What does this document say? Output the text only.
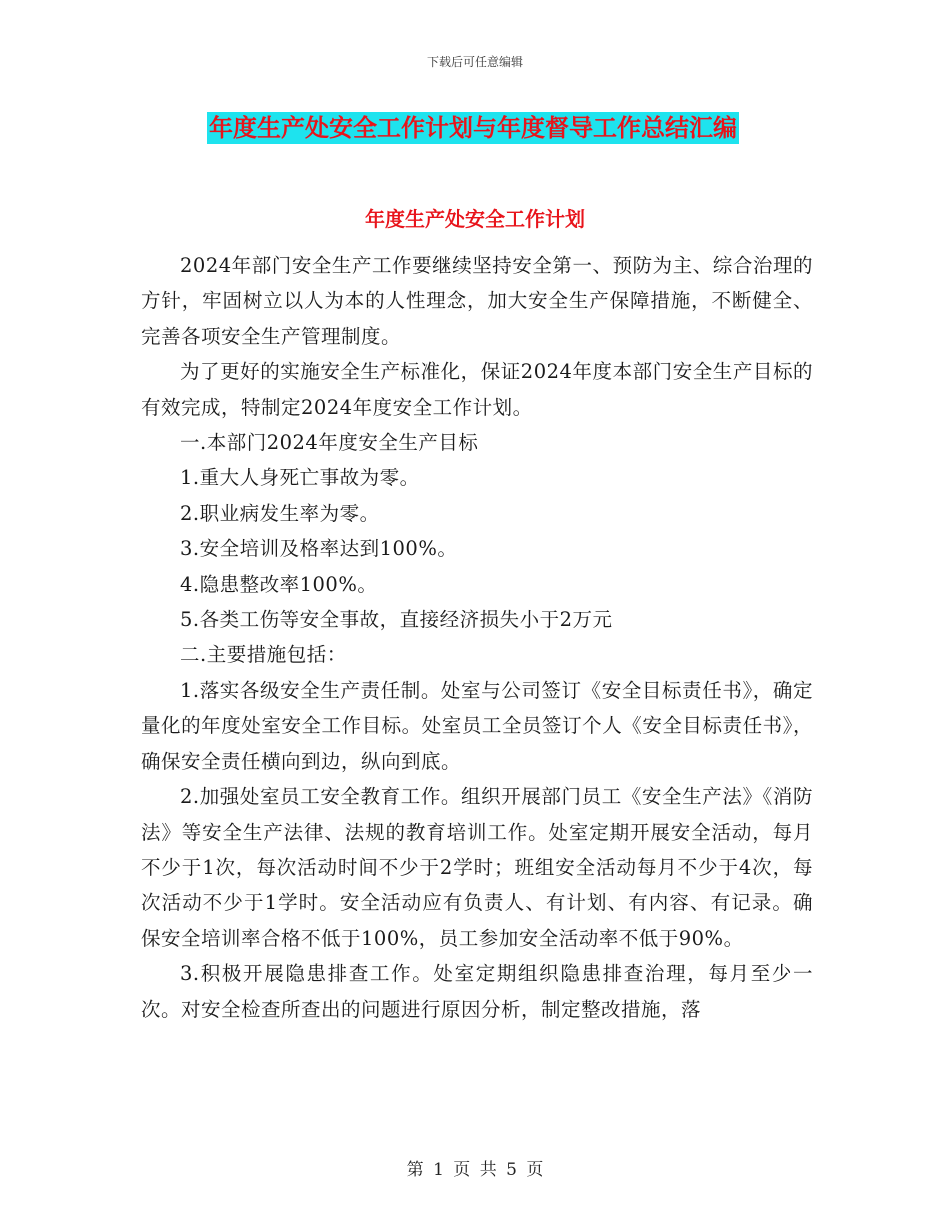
下载后可任意编辑
年度生产处安全工作计划与年度督导工作总结汇编
年度生产处安全工作计划

2024年部门安全生产工作要继续坚持安全第一、预防为主、综合治理的方针，牢固树立以人为本的人性理念，加大安全生产保障措施，不断健全、完善各项安全生产管理制度。

为了更好的实施安全生产标准化，保证2024年度本部门安全生产目标的有效完成，特制定2024年度安全工作计划。

一.本部门2024年度安全生产目标

1.重大人身死亡事故为零。

2.职业病发生率为零。

3.安全培训及格率达到100%。

4.隐患整改率100%。

5.各类工伤等安全事故，直接经济损失小于2万元

二.主要措施包括：

1.落实各级安全生产责任制。处室与公司签订《安全目标责任书》，确定量化的年度处室安全工作目标。处室员工全员签订个人《安全目标责任书》，确保安全责任横向到边，纵向到底。

2.加强处室员工安全教育工作。组织开展部门员工《安全生产法》《消防法》等安全生产法律、法规的教育培训工作。处室定期开展安全活动，每月不少于1次，每次活动时间不少于2学时；班组安全活动每月不少于4次，每次活动不少于1学时。安全活动应有负责人、有计划、有内容、有记录。确保安全培训率合格不低于100%，员工参加安全活动率不低于90%。

3.积极开展隐患排查工作。处室定期组织隐患排查治理，每月至少一次。对安全检查所查出的问题进行原因分析，制定整改措施，落

第 1 页 共 5 页
